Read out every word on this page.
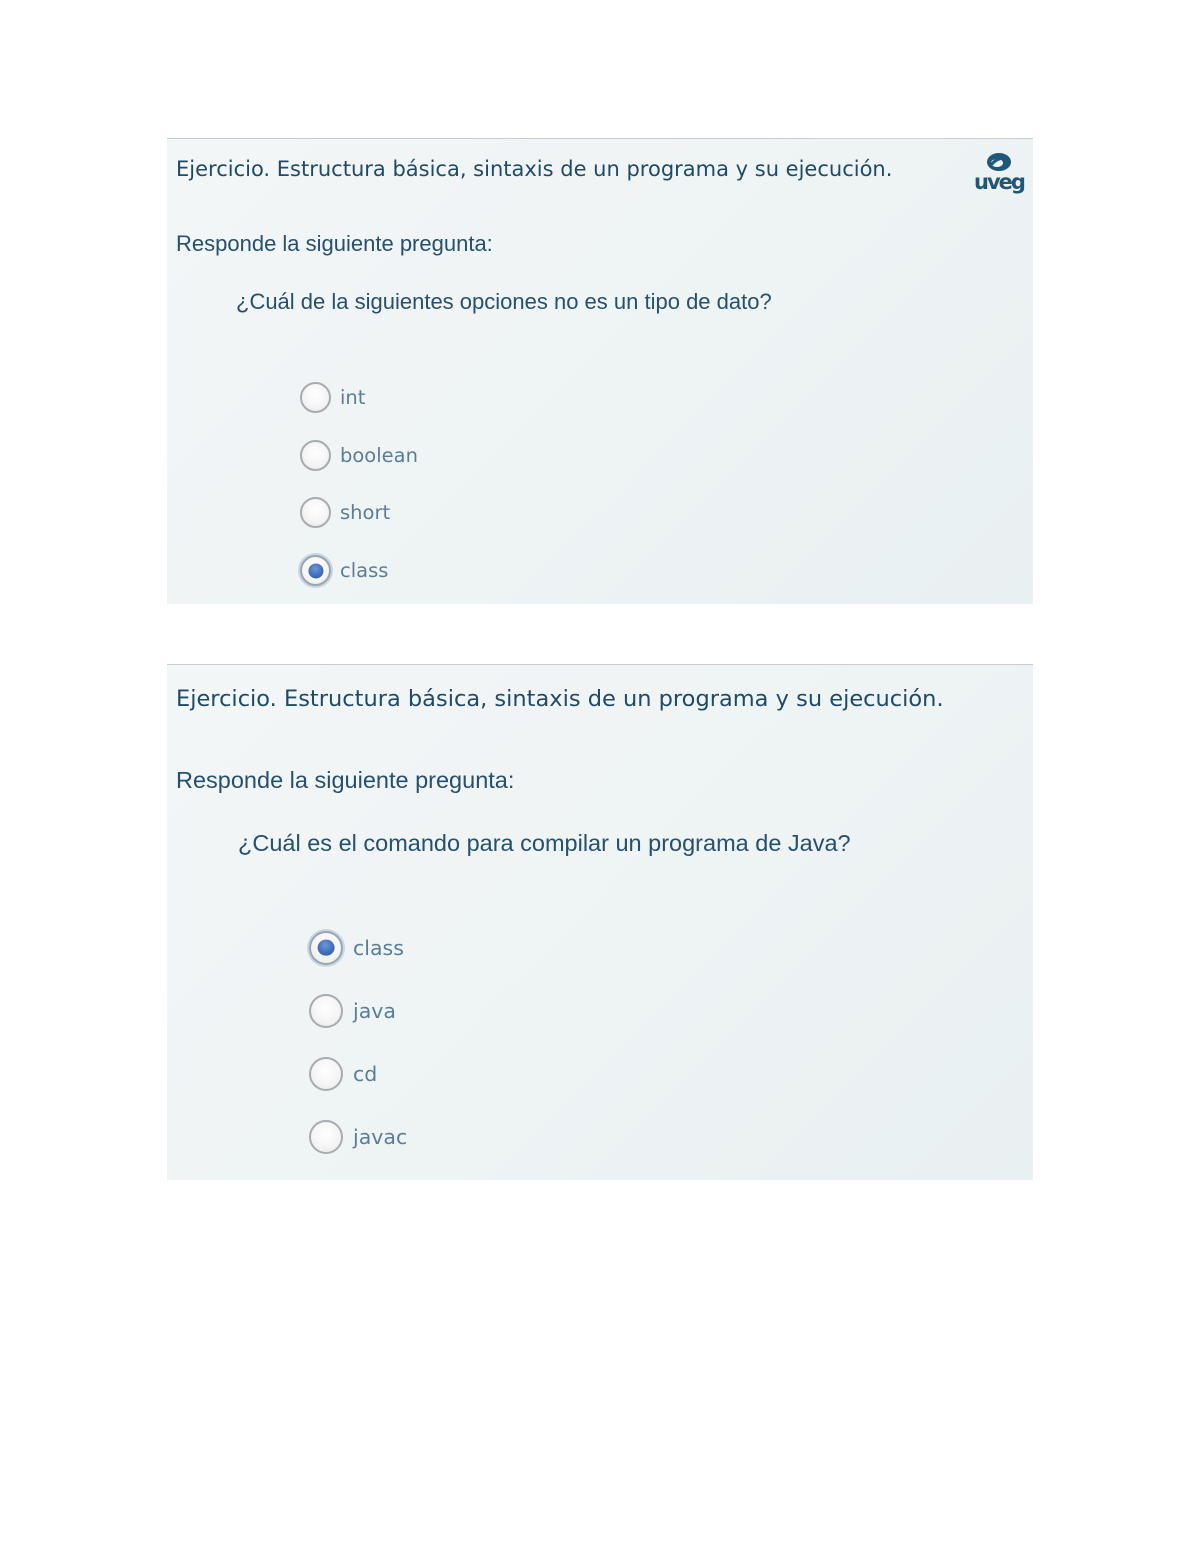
Ejercicio. Estructura básica, sintaxis de un programa y su ejecución.
uveg
Responde la siguiente pregunta:
¿Cuál de la siguientes opciones no es un tipo de dato?
int
boolean
short
class
Ejercicio. Estructura básica, sintaxis de un programa y su ejecución.
Responde la siguiente pregunta:
¿Cuál es el comando para compilar un programa de Java?
class
java
cd
javac
